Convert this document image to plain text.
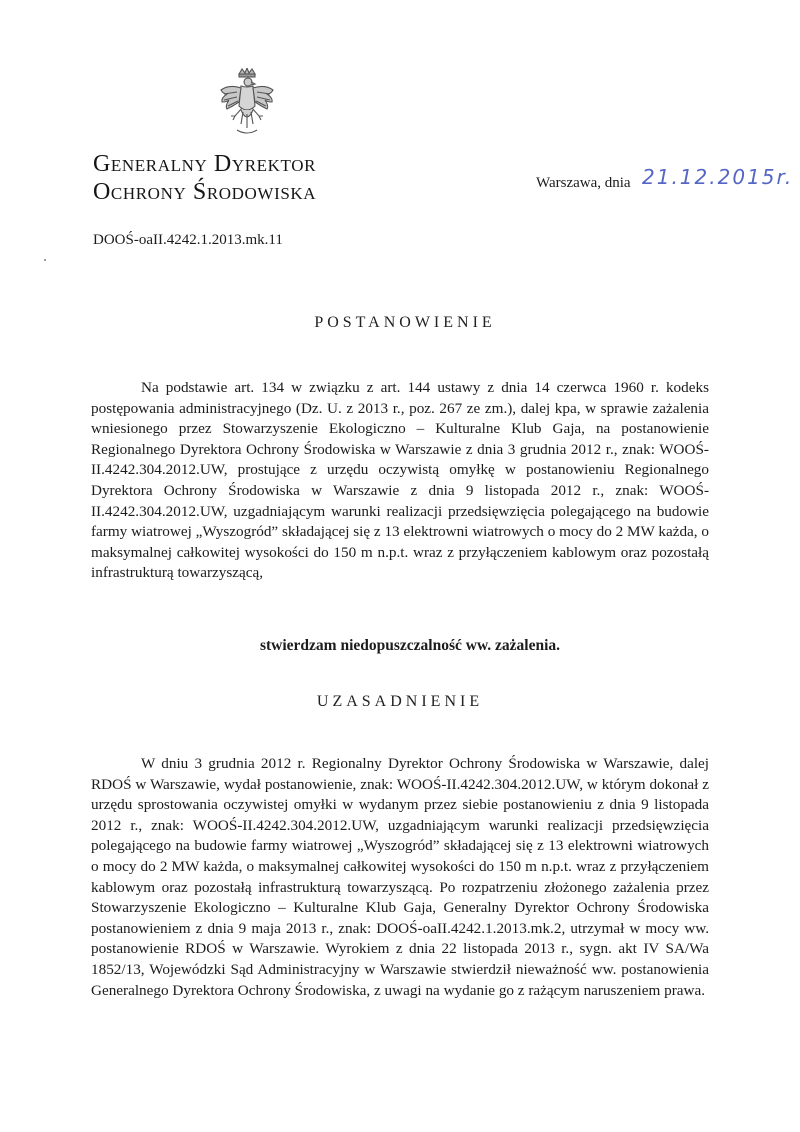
Generalny Dyrektor
Ochrony Środowiska	Warszawa, dnia 21.12.2015r.
DOOŚ-oaII.4242.1.2013.mk.11
POSTANOWIENIE

Na podstawie art. 134 w związku z art. 144 ustawy z dnia 14 czerwca 1960 r. kodeks postępowania administracyjnego (Dz. U. z 2013 r., poz. 267 ze zm.), dalej kpa, w sprawie zażalenia wniesionego przez Stowarzyszenie Ekologiczno – Kulturalne Klub Gaja, na postanowienie Regionalnego Dyrektora Ochrony Środowiska w Warszawie z dnia 3 grudnia 2012 r., znak: WOOŚ-II.4242.304.2012.UW, prostujące z urzędu oczywistą omyłkę w postanowieniu Regionalnego Dyrektora Ochrony Środowiska w Warszawie z dnia 9 listopada 2012 r., znak: WOOŚ-II.4242.304.2012.UW, uzgadniającym warunki realizacji przedsięwzięcia polegającego na budowie farmy wiatrowej „Wyszogród” składającej się z 13 elektrowni wiatrowych o mocy do 2 MW każda, o maksymalnej całkowitej wysokości do 150 m n.p.t. wraz z przyłączeniem kablowym oraz pozostałą infrastrukturą towarzyszącą,

stwierdzam niedopuszczalność ww. zażalenia.
UZASADNIENIE

W dniu 3 grudnia 2012 r. Regionalny Dyrektor Ochrony Środowiska w Warszawie, dalej RDOŚ w Warszawie, wydał postanowienie, znak: WOOŚ-II.4242.304.2012.UW, w którym dokonał z urzędu sprostowania oczywistej omyłki w wydanym przez siebie postanowieniu z dnia 9 listopada 2012 r., znak: WOOŚ-II.4242.304.2012.UW, uzgadniającym warunki realizacji przedsięwzięcia polegającego na budowie farmy wiatrowej „Wyszogród” składającej się z 13 elektrowni wiatrowych o mocy do 2 MW każda, o maksymalnej całkowitej wysokości do 150 m n.p.t. wraz z przyłączeniem kablowym oraz pozostałą infrastrukturą towarzyszącą. Po rozpatrzeniu złożonego zażalenia przez Stowarzyszenie Ekologiczno – Kulturalne Klub Gaja, Generalny Dyrektor Ochrony Środowiska postanowieniem z dnia 9 maja 2013 r., znak: DOOŚ-oaII.4242.1.2013.mk.2, utrzymał w mocy ww. postanowienie RDOŚ w Warszawie. Wyrokiem z dnia 22 listopada 2013 r., sygn. akt IV SA/Wa 1852/13, Wojewódzki Sąd Administracyjny w Warszawie stwierdził nieważność ww. postanowienia Generalnego Dyrektora Ochrony Środowiska, z uwagi na wydanie go z rażącym naruszeniem prawa.
